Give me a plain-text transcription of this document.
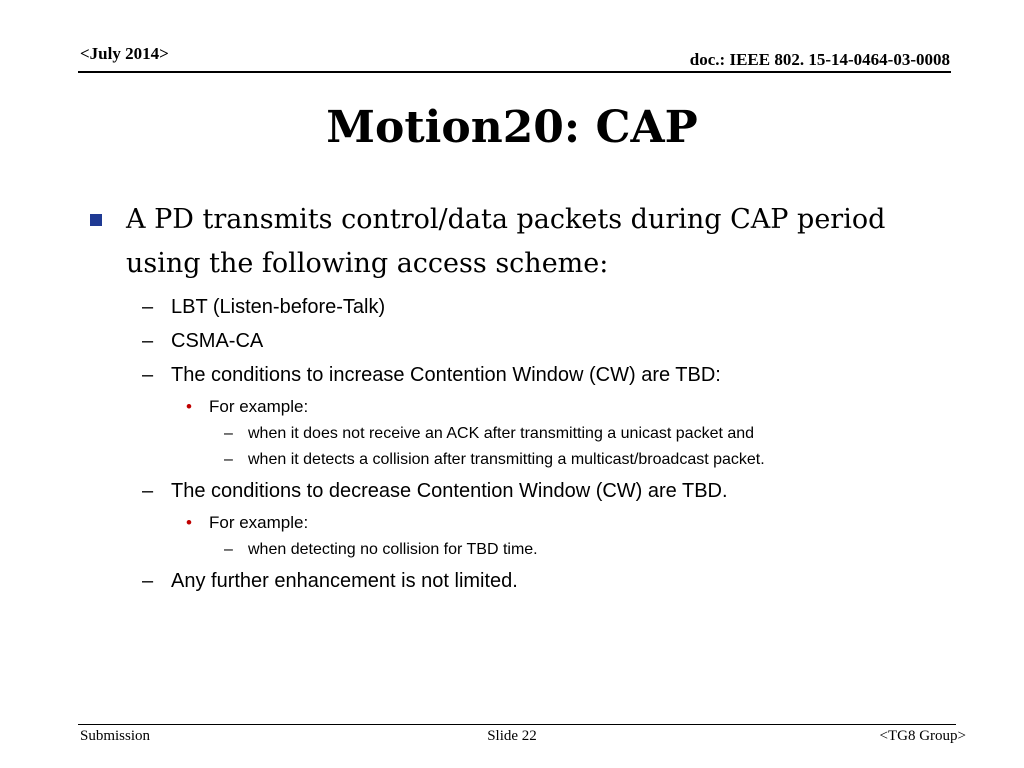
<July 2014>	doc.: IEEE 802. 15-14-0464-03-0008
Motion20: CAP
A PD transmits control/data packets during CAP period using the following access scheme:
– LBT (Listen-before-Talk)
– CSMA-CA
– The conditions to increase Contention Window (CW) are TBD:
• For example:
– when it does not receive an ACK after transmitting a unicast packet and
– when it detects a collision after transmitting a multicast/broadcast packet.
– The conditions to decrease Contention Window (CW) are TBD.
• For example:
– when detecting no collision for TBD time.
– Any further enhancement is not limited.
Submission	Slide 22	<TG8 Group>
